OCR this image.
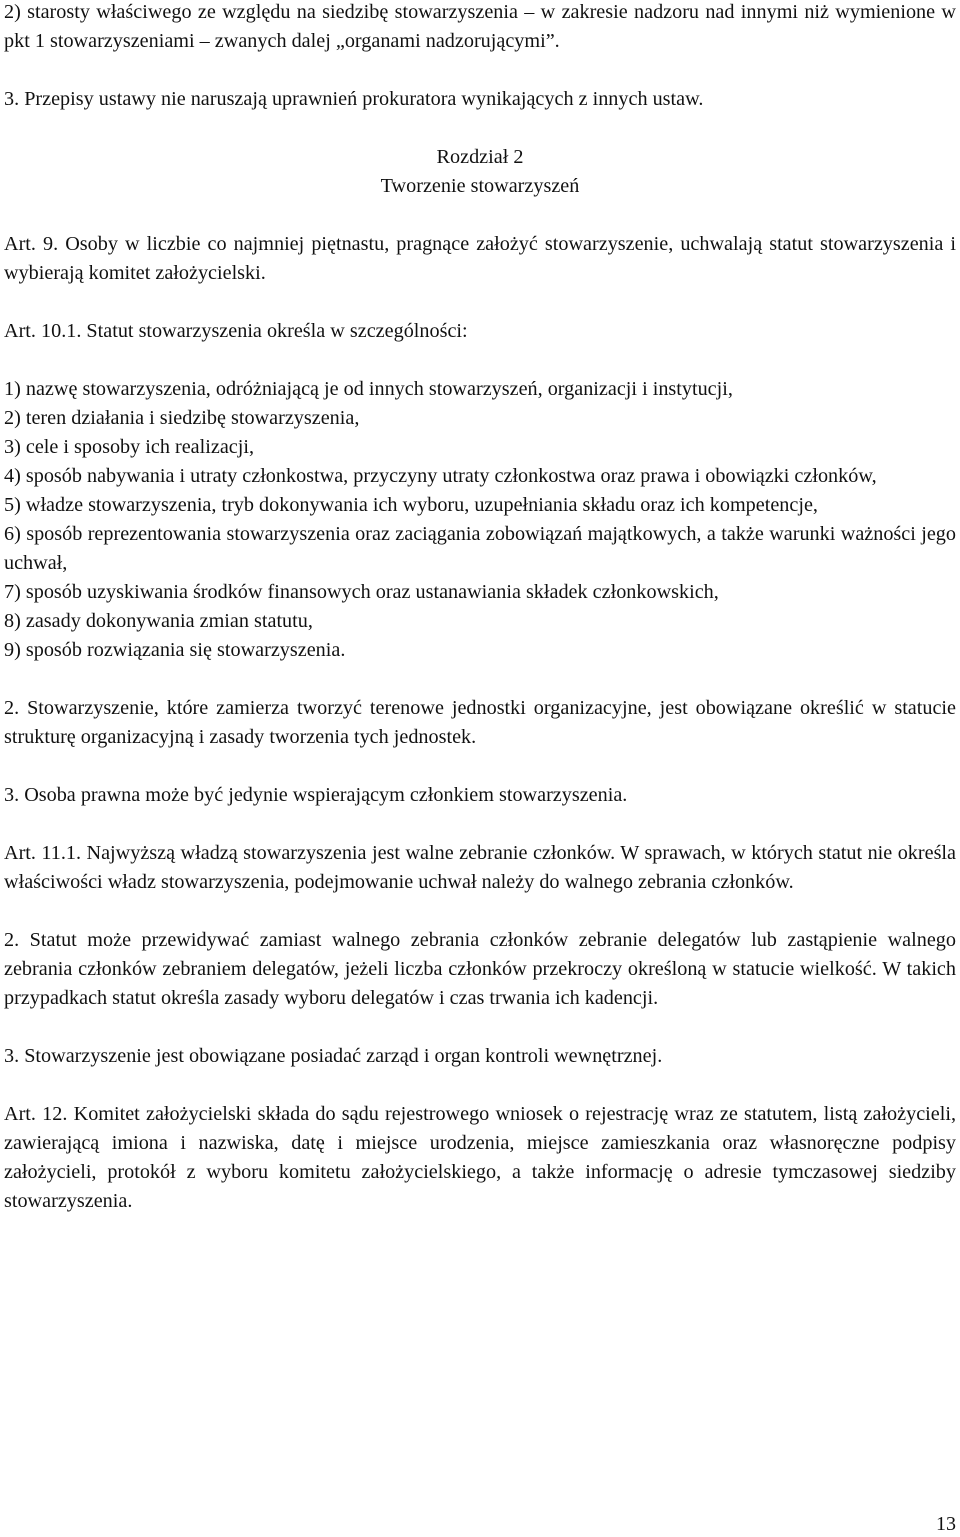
2) starosty właściwego ze względu na siedzibę stowarzyszenia ‒ w zakresie nadzoru nad innymi niż wymienione w pkt 1 stowarzyszeniami ‒ zwanych dalej „organami nadzorującymi”.

3. Przepisy ustawy nie naruszają uprawnień prokuratora wynikających z innych ustaw.

Rozdział 2

Tworzenie stowarzyszeń

Art. 9. Osoby w liczbie co najmniej piętnastu, pragnące założyć stowarzyszenie, uchwalają statut stowarzyszenia i wybierają komitet założycielski.

Art. 10.1. Statut stowarzyszenia określa w szczególności:

1) nazwę stowarzyszenia, odróżniającą je od innych stowarzyszeń, organizacji i instytucji,

2) teren działania i siedzibę stowarzyszenia,

3) cele i sposoby ich realizacji,

4) sposób nabywania i utraty członkostwa, przyczyny utraty członkostwa oraz prawa i obowiązki członków,

5) władze stowarzyszenia, tryb dokonywania ich wyboru, uzupełniania składu oraz ich kompetencje,

6) sposób reprezentowania stowarzyszenia oraz zaciągania zobowiązań majątkowych, a także warunki ważności jego uchwał,

7) sposób uzyskiwania środków finansowych oraz ustanawiania składek członkowskich,

8) zasady dokonywania zmian statutu,

9) sposób rozwiązania się stowarzyszenia.

2. Stowarzyszenie, które zamierza tworzyć terenowe jednostki organizacyjne, jest obowiązane określić w statucie strukturę organizacyjną i zasady tworzenia tych jednostek.

3. Osoba prawna może być jedynie wspierającym członkiem stowarzyszenia.

Art. 11.1. Najwyższą władzą stowarzyszenia jest walne zebranie członków. W sprawach, w których statut nie określa właściwości władz stowarzyszenia, podejmowanie uchwał należy do walnego zebrania członków.

2. Statut może przewidywać zamiast walnego zebrania członków zebranie delegatów lub zastąpienie walnego zebrania członków zebraniem delegatów, jeżeli liczba członków przekroczy określoną w statucie wielkość. W takich przypadkach statut określa zasady wyboru delegatów i czas trwania ich kadencji.

3. Stowarzyszenie jest obowiązane posiadać zarząd i organ kontroli wewnętrznej.

Art. 12. Komitet założycielski składa do sądu rejestrowego wniosek o rejestrację wraz ze statutem, listą założycieli, zawierającą imiona i nazwiska, datę i miejsce urodzenia, miejsce zamieszkania oraz własnoręczne podpisy założycieli, protokół z wyboru komitetu założycielskiego, a także informację o adresie tymczasowej siedziby stowarzyszenia.

13
